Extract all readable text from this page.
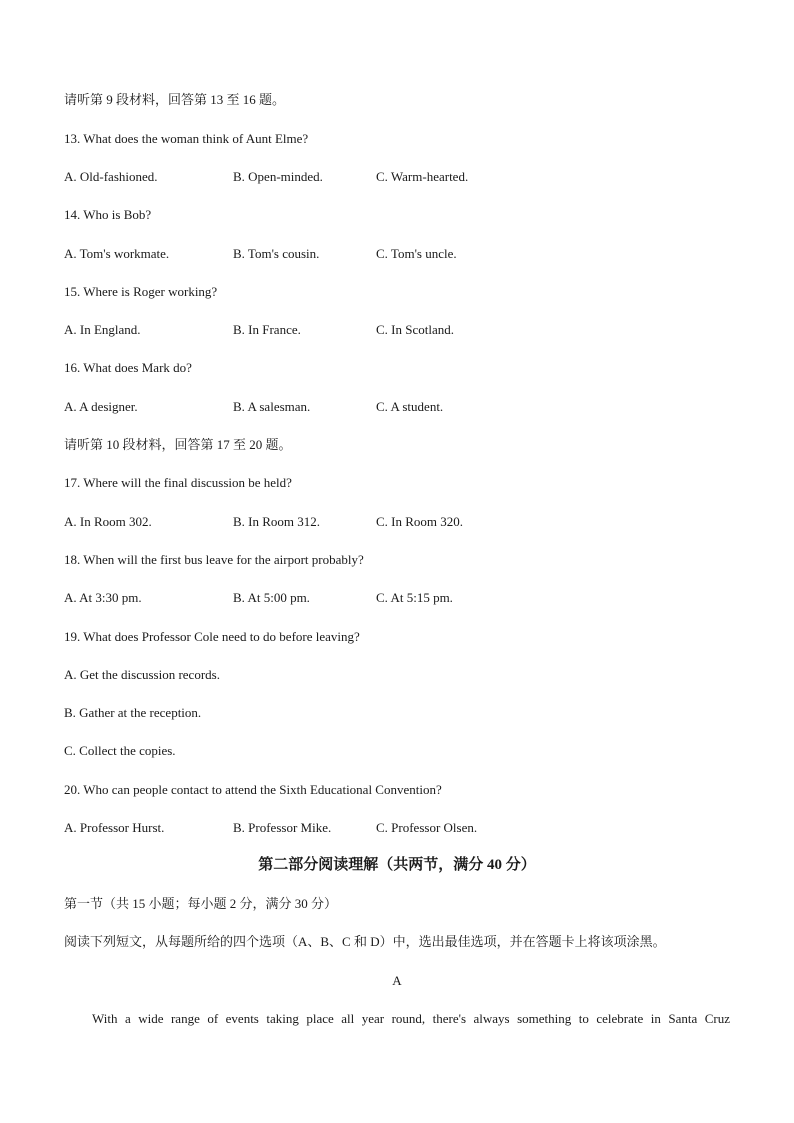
请听第 9 段材料，回答第 13 至 16 题。
13. What does the woman think of Aunt Elme?
A. Old-fashioned.	B. Open-minded.	C. Warm-hearted.
14. Who is Bob?
A. Tom's workmate.	B. Tom's cousin.	C. Tom's uncle.
15. Where is Roger working?
A. In England.	B. In France.	C. In Scotland.
16. What does Mark do?
A. A designer.	B. A salesman.	C. A student.
请听第 10 段材料，回答第 17 至 20 题。
17. Where will the final discussion be held?
A. In Room 302.	B. In Room 312.	C. In Room 320.
18. When will the first bus leave for the airport probably?
A. At 3:30 pm.	B. At 5:00 pm.	C. At 5:15 pm.
19. What does Professor Cole need to do before leaving?
A. Get the discussion records.
B. Gather at the reception.
C. Collect the copies.
20. Who can people contact to attend the Sixth Educational Convention?
A. Professor Hurst.	B. Professor Mike.	C. Professor Olsen.
第二部分阅读理解（共两节，满分 40 分）
第一节（共 15 小题；每小题 2 分，满分 30 分）
阅读下列短文，从每题所给的四个选项（A、B、C 和 D）中，选出最佳选项，并在答题卡上将该项涂黑。
A
With a wide range of events taking place all year round, there's always something to celebrate in Santa Cruz
